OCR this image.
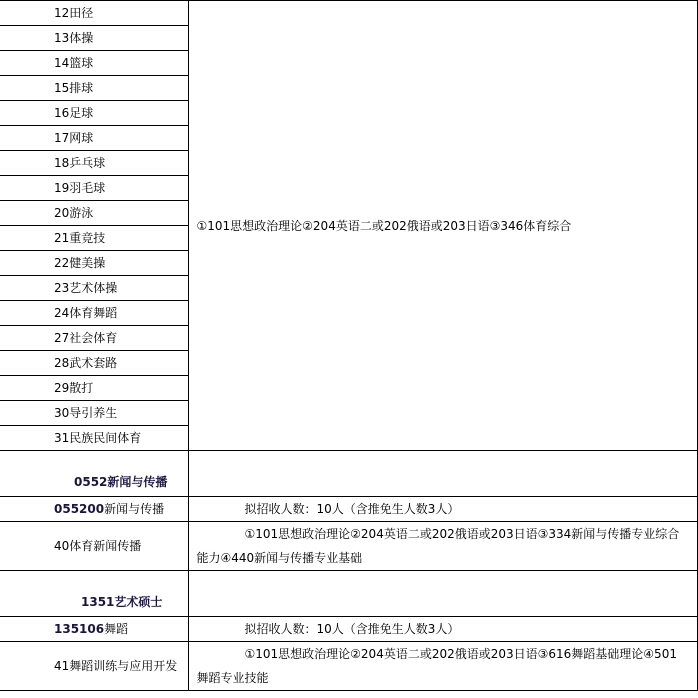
12田径	①101思想政治理论②204英语二或202俄语或203日语③346体育综合
13体操	
14篮球	
15排球	
16足球	
17网球	
18乒乓球	
19羽毛球	
20游泳	
21重竞技	
22健美操	
23艺术体操	
24体育舞蹈	
27社会体育	
28武术套路	
29散打	
30导引养生	
31民族民间体育	
0552新闻与传播	
055200新闻与传播	拟招收人数：10人（含推免生人数3人）
40体育新闻传播	①101思想政治理论②204英语二或202俄语或203日语③334新闻与传播专业综合能力④440新闻与传播专业基础
1351艺术硕士	
135106舞蹈	拟招收人数：10人（含推免生人数3人）
41舞蹈训练与应用开发	①101思想政治理论②204英语二或202俄语或203日语③616舞蹈基础理论④501舞蹈专业技能
